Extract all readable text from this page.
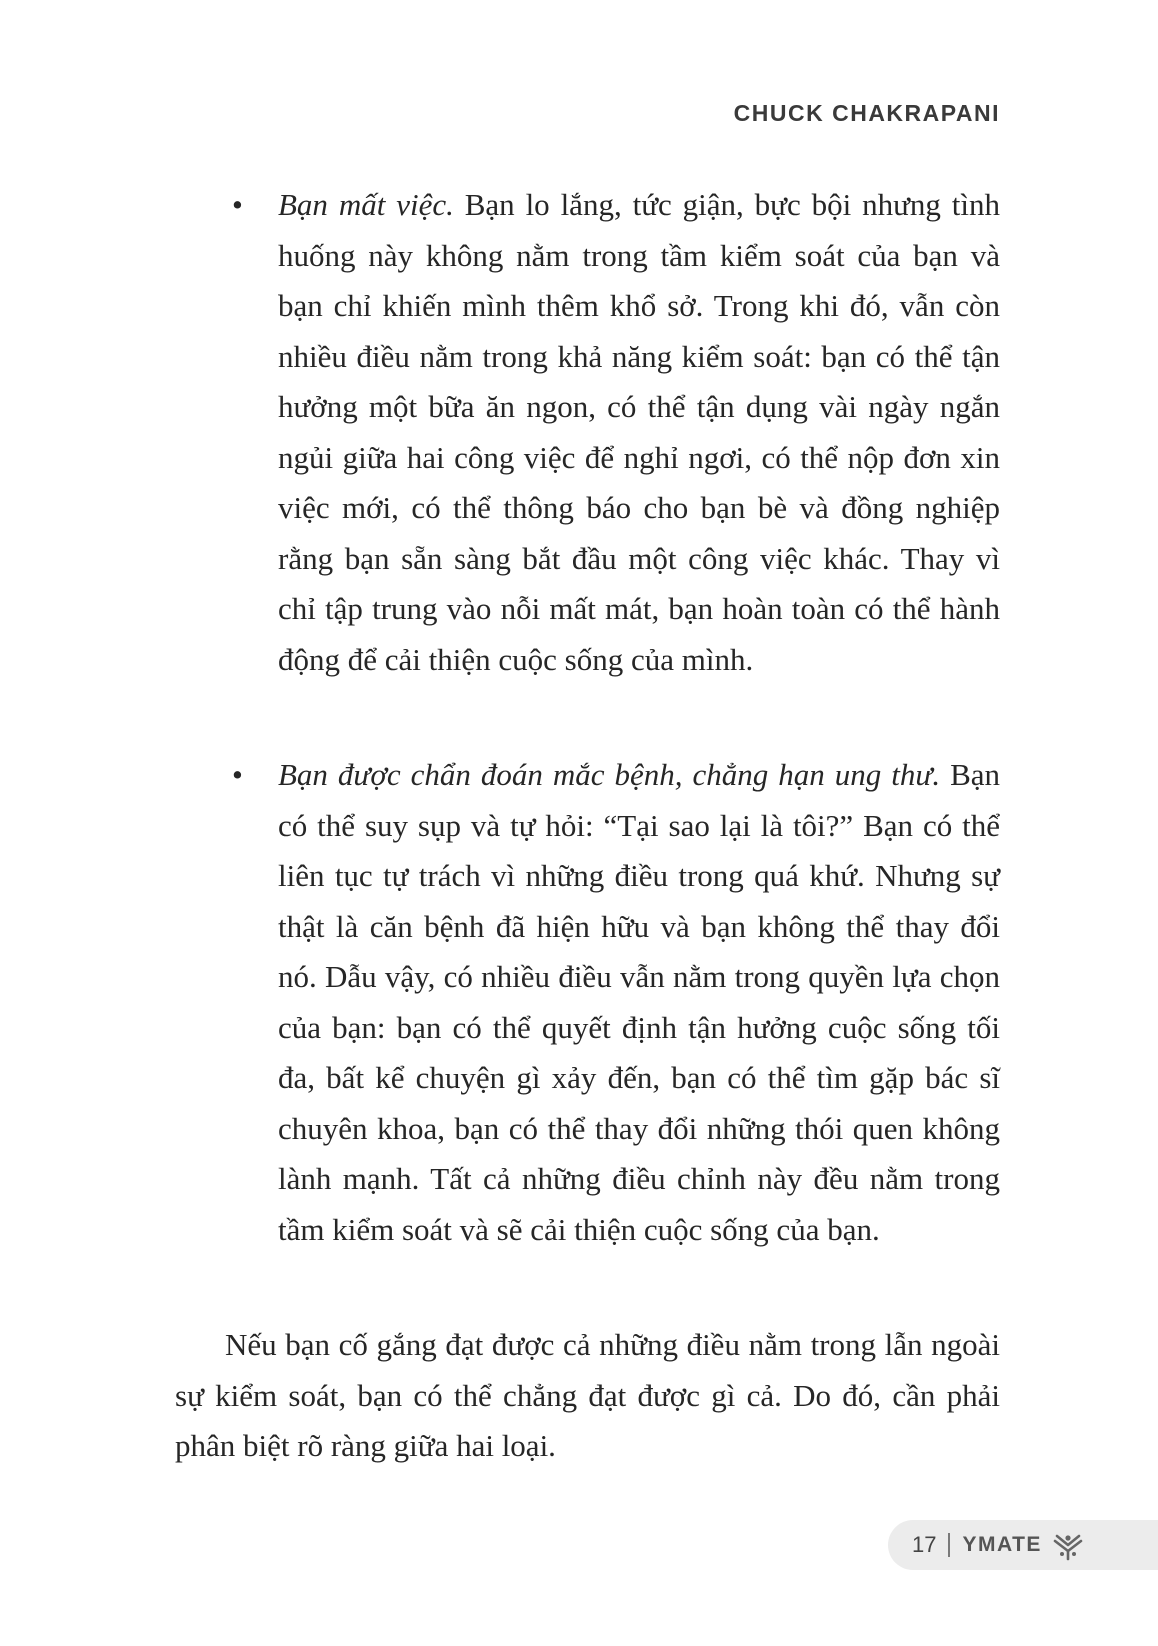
CHUCK CHAKRAPANI

• Bạn mất việc. Bạn lo lắng, tức giận, bực bội nhưng tình huống này không nằm trong tầm kiểm soát của bạn và bạn chỉ khiến mình thêm khổ sở. Trong khi đó, vẫn còn nhiều điều nằm trong khả năng kiểm soát: bạn có thể tận hưởng một bữa ăn ngon, có thể tận dụng vài ngày ngắn ngủi giữa hai công việc để nghỉ ngơi, có thể nộp đơn xin việc mới, có thể thông báo cho bạn bè và đồng nghiệp rằng bạn sẵn sàng bắt đầu một công việc khác. Thay vì chỉ tập trung vào nỗi mất mát, bạn hoàn toàn có thể hành động để cải thiện cuộc sống của mình.

• Bạn được chẩn đoán mắc bệnh, chẳng hạn ung thư. Bạn có thể suy sụp và tự hỏi: “Tại sao lại là tôi?” Bạn có thể liên tục tự trách vì những điều trong quá khứ. Nhưng sự thật là căn bệnh đã hiện hữu và bạn không thể thay đổi nó. Dẫu vậy, có nhiều điều vẫn nằm trong quyền lựa chọn của bạn: bạn có thể quyết định tận hưởng cuộc sống tối đa, bất kể chuyện gì xảy đến, bạn có thể tìm gặp bác sĩ chuyên khoa, bạn có thể thay đổi những thói quen không lành mạnh. Tất cả những điều chỉnh này đều nằm trong tầm kiểm soát và sẽ cải thiện cuộc sống của bạn.

Nếu bạn cố gắng đạt được cả những điều nằm trong lẫn ngoài sự kiểm soát, bạn có thể chẳng đạt được gì cả. Do đó, cần phải phân biệt rõ ràng giữa hai loại.

17 YMATE
